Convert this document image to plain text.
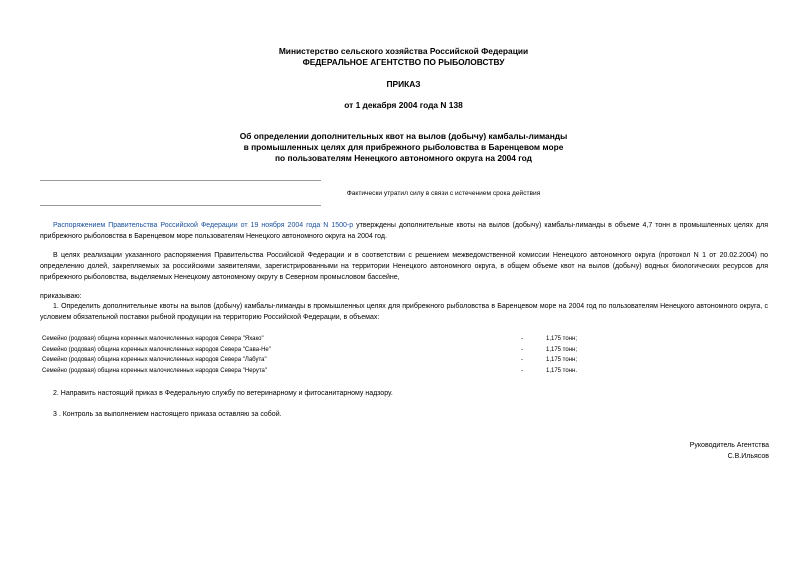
Министерство сельского хозяйства Российской Федерации
ФЕДЕРАЛЬНОЕ АГЕНТСТВО ПО РЫБОЛОВСТВУ
ПРИКАЗ
от 1 декабря 2004 года N 138
Об определении дополнительных квот на вылов (добычу) камбалы-лиманды
в промышленных целях для прибрежного рыболовства в Баренцевом море
по пользователям Ненецкого автономного округа на 2004 год
Фактически утратил силу в связи с истечением срока действия
Распоряжением Правительства Российской Федерации от 19 ноября 2004 года N 1500-р утверждены дополнительные квоты на вылов (добычу) камбалы-лиманды в объеме 4,7 тонн в промышленных целях для прибрежного рыболовства в Баренцевом море пользователям Ненецкого автономного округа на 2004 год.
В целях реализации указанного распоряжения Правительства Российской Федерации и в соответствии с решением межведомственной комиссии Ненецкого автономного округа (протокол N 1 от 20.02.2004) по определению долей, закрепляемых за российскими заявителями, зарегистрированными на территории Ненецкого автономного округа, в общем объеме квот на вылов (добычу) водных биологических ресурсов для прибрежного рыболовства, выделяемых Ненецкому автономному округу в Северном промысловом бассейне,
приказываю:
1. Определить дополнительные квоты на вылов (добычу) камбалы-лиманды в промышленных целях для прибрежного рыболовства в Баренцевом море на 2004 год по пользователям Ненецкого автономного округа, с условием обязательной поставки рыбной продукции на территорию Российской Федерации, в объемах:
Семейно (родовая) община коренных малочисленных народов Севера "Яхако"	-	1,175 тонн;
Семейно (родовая) община коренных малочисленных народов Севера "Сава-Не"	-	1,175 тонн;
Семейно (родовая) община коренных малочисленных народов Севера "Лабута"	-	1,175 тонн;
Семейно (родовая) община коренных малочисленных народов Севера "Нерута"	-	1,175 тонн.
2. Направить настоящий приказ в Федеральную службу по ветеринарному и фитосанитарному надзору.
3 . Контроль за выполнением настоящего приказа оставляю за собой.
Руководитель Агентства
С.В.Ильясов
